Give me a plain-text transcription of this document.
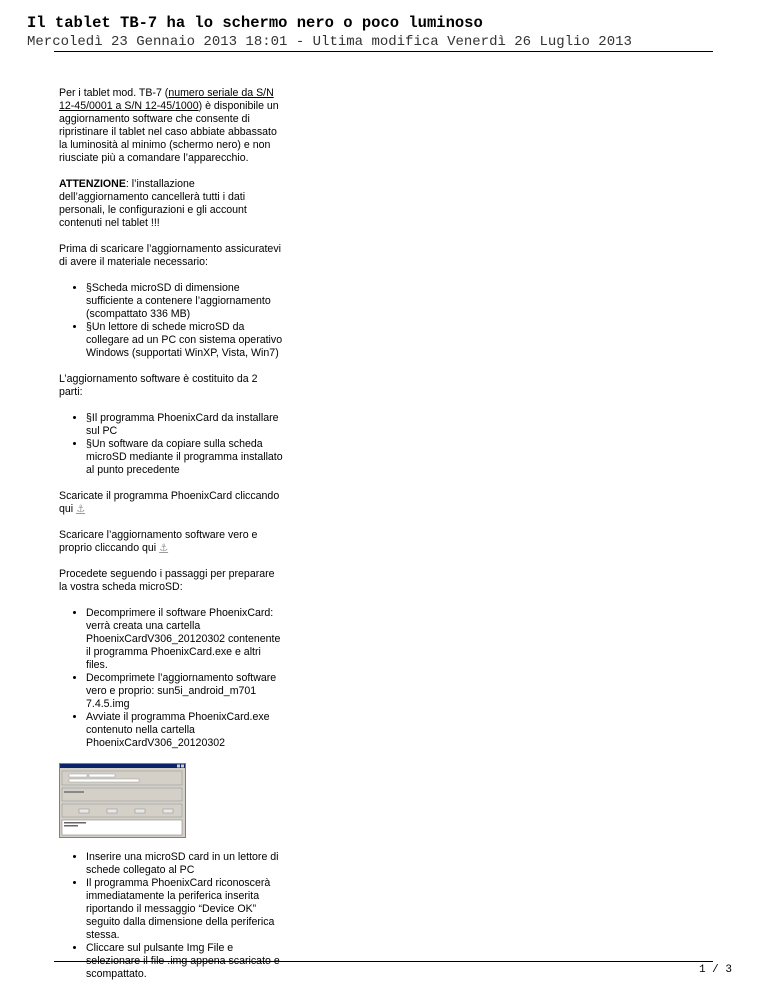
Il tablet TB-7 ha lo schermo nero o poco luminoso
Mercoledì 23 Gennaio 2013 18:01 - Ultima modifica Venerdì 26 Luglio 2013

Per i tablet mod. TB-7 (numero seriale da S/N 12-45/0001 a S/N 12-45/1000) è disponibile un aggiornamento software che consente di ripristinare il tablet nel caso abbiate abbassato la luminosità al minimo (schermo nero) e non riusciate più a comandare l’apparecchio.

ATTENZIONE: l’installazione dell’aggiornamento cancellerà tutti i dati personali, le configurazioni e gli account contenuti nel tablet !!!

Prima di scaricare l’aggiornamento assicuratevi di avere il materiale necessario:

• §Scheda microSD di dimensione sufficiente a contenere l’aggiornamento (scompattato 336 MB)
• §Un lettore di schede microSD da collegare ad un PC con sistema operativo Windows (supportati WinXP, Vista, Win7)

L’aggiornamento software è costituito da 2 parti:

• §Il programma PhoenixCard da installare sul PC
• §Un software da copiare sulla scheda microSD mediante il programma installato al punto precedente

Scaricate il programma PhoenixCard cliccando qui ⚓

Scaricare l’aggiornamento software vero e proprio cliccando qui ⚓

Procedete seguendo i passaggi per preparare la vostra scheda microSD:

• Decomprimere il software PhoenixCard: verrà creata una cartella PhoenixCardV306_20120302 contenente il programma PhoenixCard.exe e altri files.
• Decomprimete l’aggiornamento software vero e proprio: sun5i_android_m701 7.4.5.img
• Avviate il programma PhoenixCard.exe contenuto nella cartella PhoenixCardV306_20120302
• Inserire una microSD card in un lettore di schede collegato al PC
• Il programma PhoenixCard riconoscerà immediatamente la periferica inserita riportando il messaggio “Device OK” seguito dalla dimensione della periferica stessa.
• Cliccare sul pulsante Img File e selezionare il file .img appena scaricato e scompattato.	1 / 3
